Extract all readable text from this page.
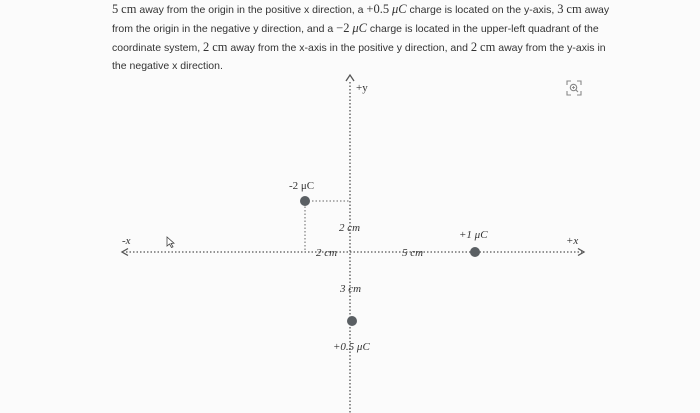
5 cm away from the origin in the positive x direction, a +0.5 μC charge is located on the y-axis, 3 cm away from the origin in the negative y direction, and a −2 μC charge is located in the upper-left quadrant of the coordinate system, 2 cm away from the x-axis in the positive y direction, and 2 cm away from the y-axis in the negative x direction.
+y
+x
-x
-2 μC
+1 μC
+0.5 μC
2 cm
2 cm	5 cm
3 cm
